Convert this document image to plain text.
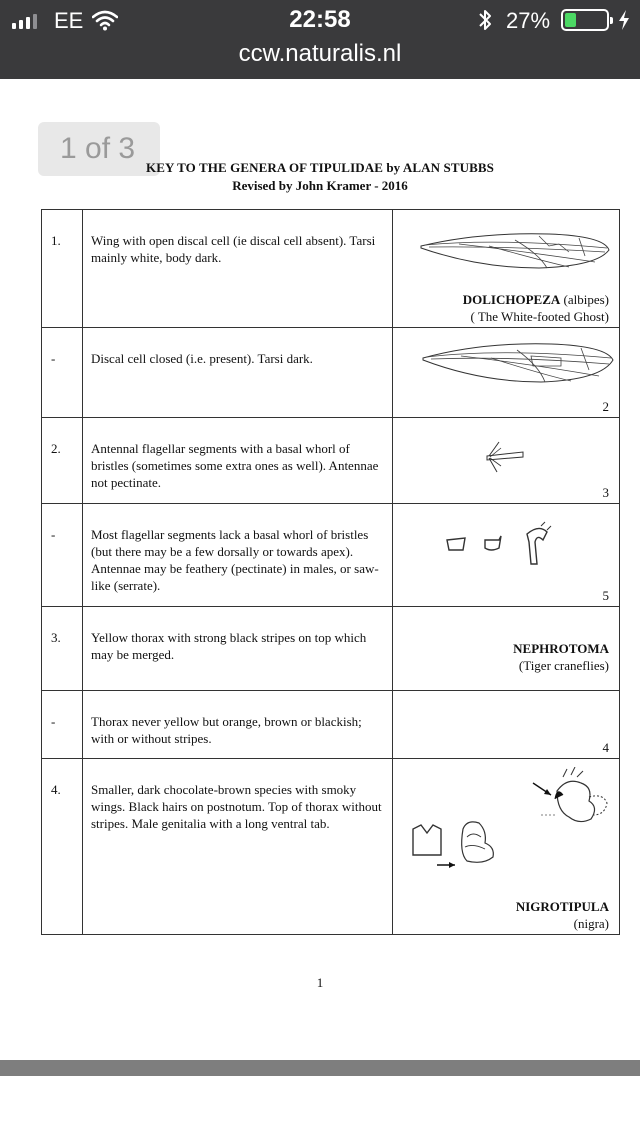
EE	22:58	27%
ccw.naturalis.nl
1 of 3
KEY TO THE GENERA OF TIPULIDAE by ALAN STUBBS
Revised by John Kramer - 2016
1.	Wing with open discal cell (ie discal cell absent). Tarsi mainly white, body dark.	DOLICHOPEZA (albipes)
( The White-footed Ghost)

-	Discal cell closed (i.e. present). Tarsi dark.	2

2.	Antennal flagellar segments with a basal whorl of bristles (sometimes some extra ones as well). Antennae not pectinate.	3

-	Most flagellar segments lack a basal whorl of bristles (but there may be a few dorsally or towards apex). Antennae may be feathery (pectinate) in males, or saw-like (serrate).	5

3.	Yellow thorax with strong black stripes on top which may be merged.	NEPHROTOMA
(Tiger craneflies)

-	Thorax never yellow but orange, brown or blackish; with or without stripes.	4

4.	Smaller, dark chocolate-brown species with smoky wings. Black hairs on postnotum. Top of thorax without stripes. Male genitalia with a long ventral tab.	NIGROTIPULA
(nigra)
1
